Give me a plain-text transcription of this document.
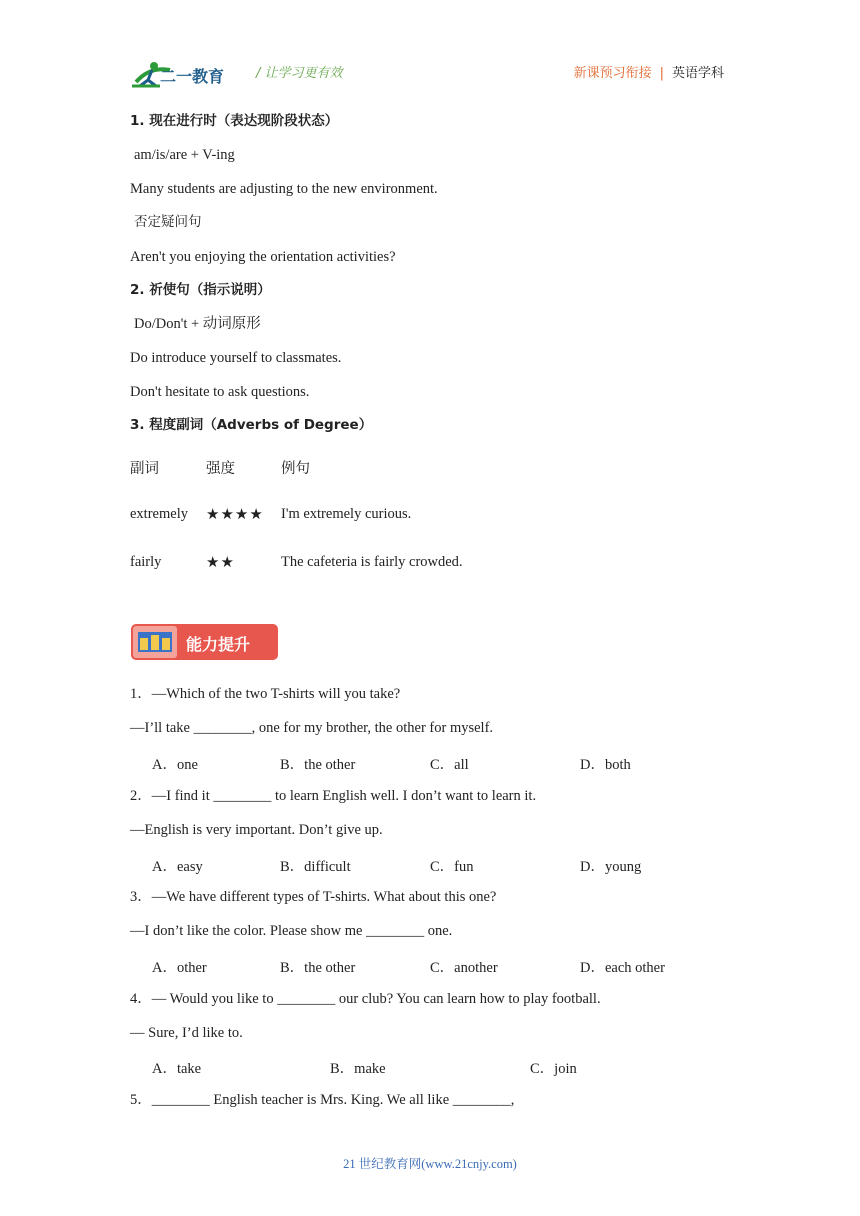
二一教育 / 让学习更有效	新课预习衔接 | 英语学科
1. 现在进行时（表达现阶段状态）
am/is/are + V-ing
Many students are adjusting to the new environment.
否定疑问句
Aren't you enjoying the orientation activities?
2. 祈使句（指示说明）
Do/Don't + 动词原形
Do introduce yourself to classmates.
Don't hesitate to ask questions.
3. 程度副词（Adverbs of Degree）
副词	强度	例句
extremely ★★★★ I'm extremely curious.
fairly	★★	The cafeteria is fairly crowded.
能力提升
1．—Which of the two T-shirts will you take?
—I’ll take ________, one for my brother, the other for myself.
A．one	B．the other	C．all	D．both
2．—I find it ________ to learn English well. I don’t want to learn it.
—English is very important. Don’t give up.
A．easy	B．difficult	C．fun	D．young
3．—We have different types of T-shirts. What about this one?
—I don’t like the color. Please show me ________ one.
A．other	B．the other	C．another	D．each other
4．— Would you like to ________ our club? You can learn how to play football.
— Sure, I’d like to.
A．take	B．make	C．join
5．________ English teacher is Mrs. King. We all like ________,
21 世纪教育网(www.21cnjy.com)
